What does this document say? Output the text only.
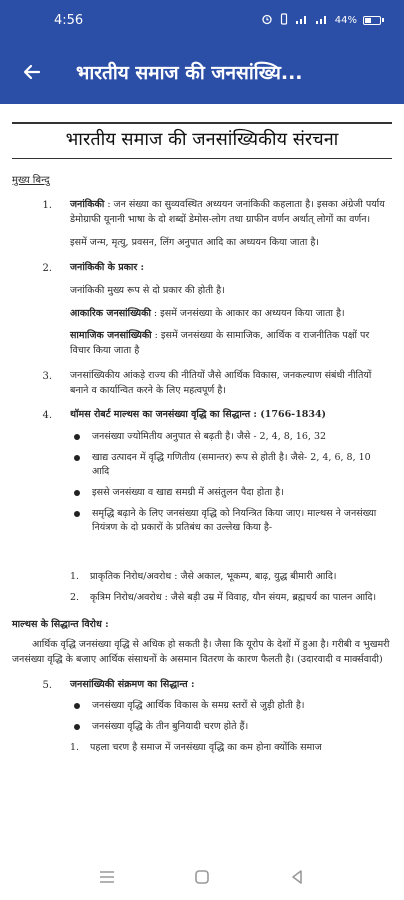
4:56	44%
भारतीय समाज की जनसांख्यि...
भारतीय समाज की जनसांख्यिकीय संरचना
मुख्य बिन्दु
1.	जनांकिकी : जन संख्या का सुव्यवस्थित अध्ययन जनांकिकी कहलाता है। इसका अंग्रेजी पर्याय डेमोग्राफी यूनानी भाषा के दो शब्दों डेमोस-लोग तथा ग्राफीन वर्णन अर्थात् लोगों का वर्णन।
इसमें जन्म, मृत्यु, प्रवसन, लिंग अनुपात आदि का अध्ययन किया जाता है।
2.	जनांकिकी के प्रकार :
जनांकिकी मुख्य रूप से दो प्रकार की होती है।
आकारिक जनसांख्यिकी : इसमें जनसंख्या के आकार का अध्ययन किया जाता है।
सामाजिक जनसांख्यिकी : इसमें जनसंख्या के सामाजिक, आर्थिक व राजनीतिक पक्षों पर विचार किया जाता है
3.	जनसांख्यिकीय आंकड़े राज्य की नीतियों जैसे आर्थिक विकास, जनकल्याण संबंधी नीतियों बनाने व कार्यान्वित करने के लिए महत्वपूर्ण है।
4.	थॉमस रोबर्ट माल्थस का जनसंख्या वृद्धि का सिद्धान्त : (1766-1834)
जनसंख्या ज्योमितीय अनुपात से बढ़ती है। जैसे - 2, 4, 8, 16, 32
खाद्य उत्पादन में वृद्धि गणितीय (समान्तर) रूप से होती है। जैसे- 2, 4, 6, 8, 10 आदि
इससे जनसंख्या व खाद्य समग्री में असंतुलन पैदा होता है।
समृद्धि बढ़ाने के लिए जनसंख्या वृद्धि को नियन्त्रित किया जाए। माल्थस ने जनसंख्या नियंत्रण के दो प्रकारों के प्रतिबंध का उल्लेख किया है-
1.	प्राकृतिक निरोध/अवरोध : जैसे अकाल, भूकम्प, बाढ़, युद्ध बीमारी आदि।
2.	कृत्रिम निरोध/अवरोध : जैसे बड़ी उम्र में विवाह, यौन संयम, ब्रह्मचर्य का पालन आदि।
माल्थस के सिद्धान्त विरोध :
आर्थिक वृद्धि जनसंख्या वृद्धि से अधिक हो सकती है। जैसा कि यूरोप के देशों में हुआ है। गरीबी व भुखमरी जनसंख्या वृद्धि के बजाए आर्थिक संसाधनों के असमान वितरण के कारण फैलती है। (उदारवादी व मार्क्सवादी)
5.	जनसांख्यिकी संक्रमण का सिद्धान्त :
जनसंख्या वृद्धि आर्थिक विकास के समग्र स्तरों से जुड़ी होती है।
जनसंख्या वृद्धि के तीन बुनियादी चरण होते हैं।
1.	पहला चरण है समाज में जनसंख्या वृद्धि का कम होना क्योंकि समाज
